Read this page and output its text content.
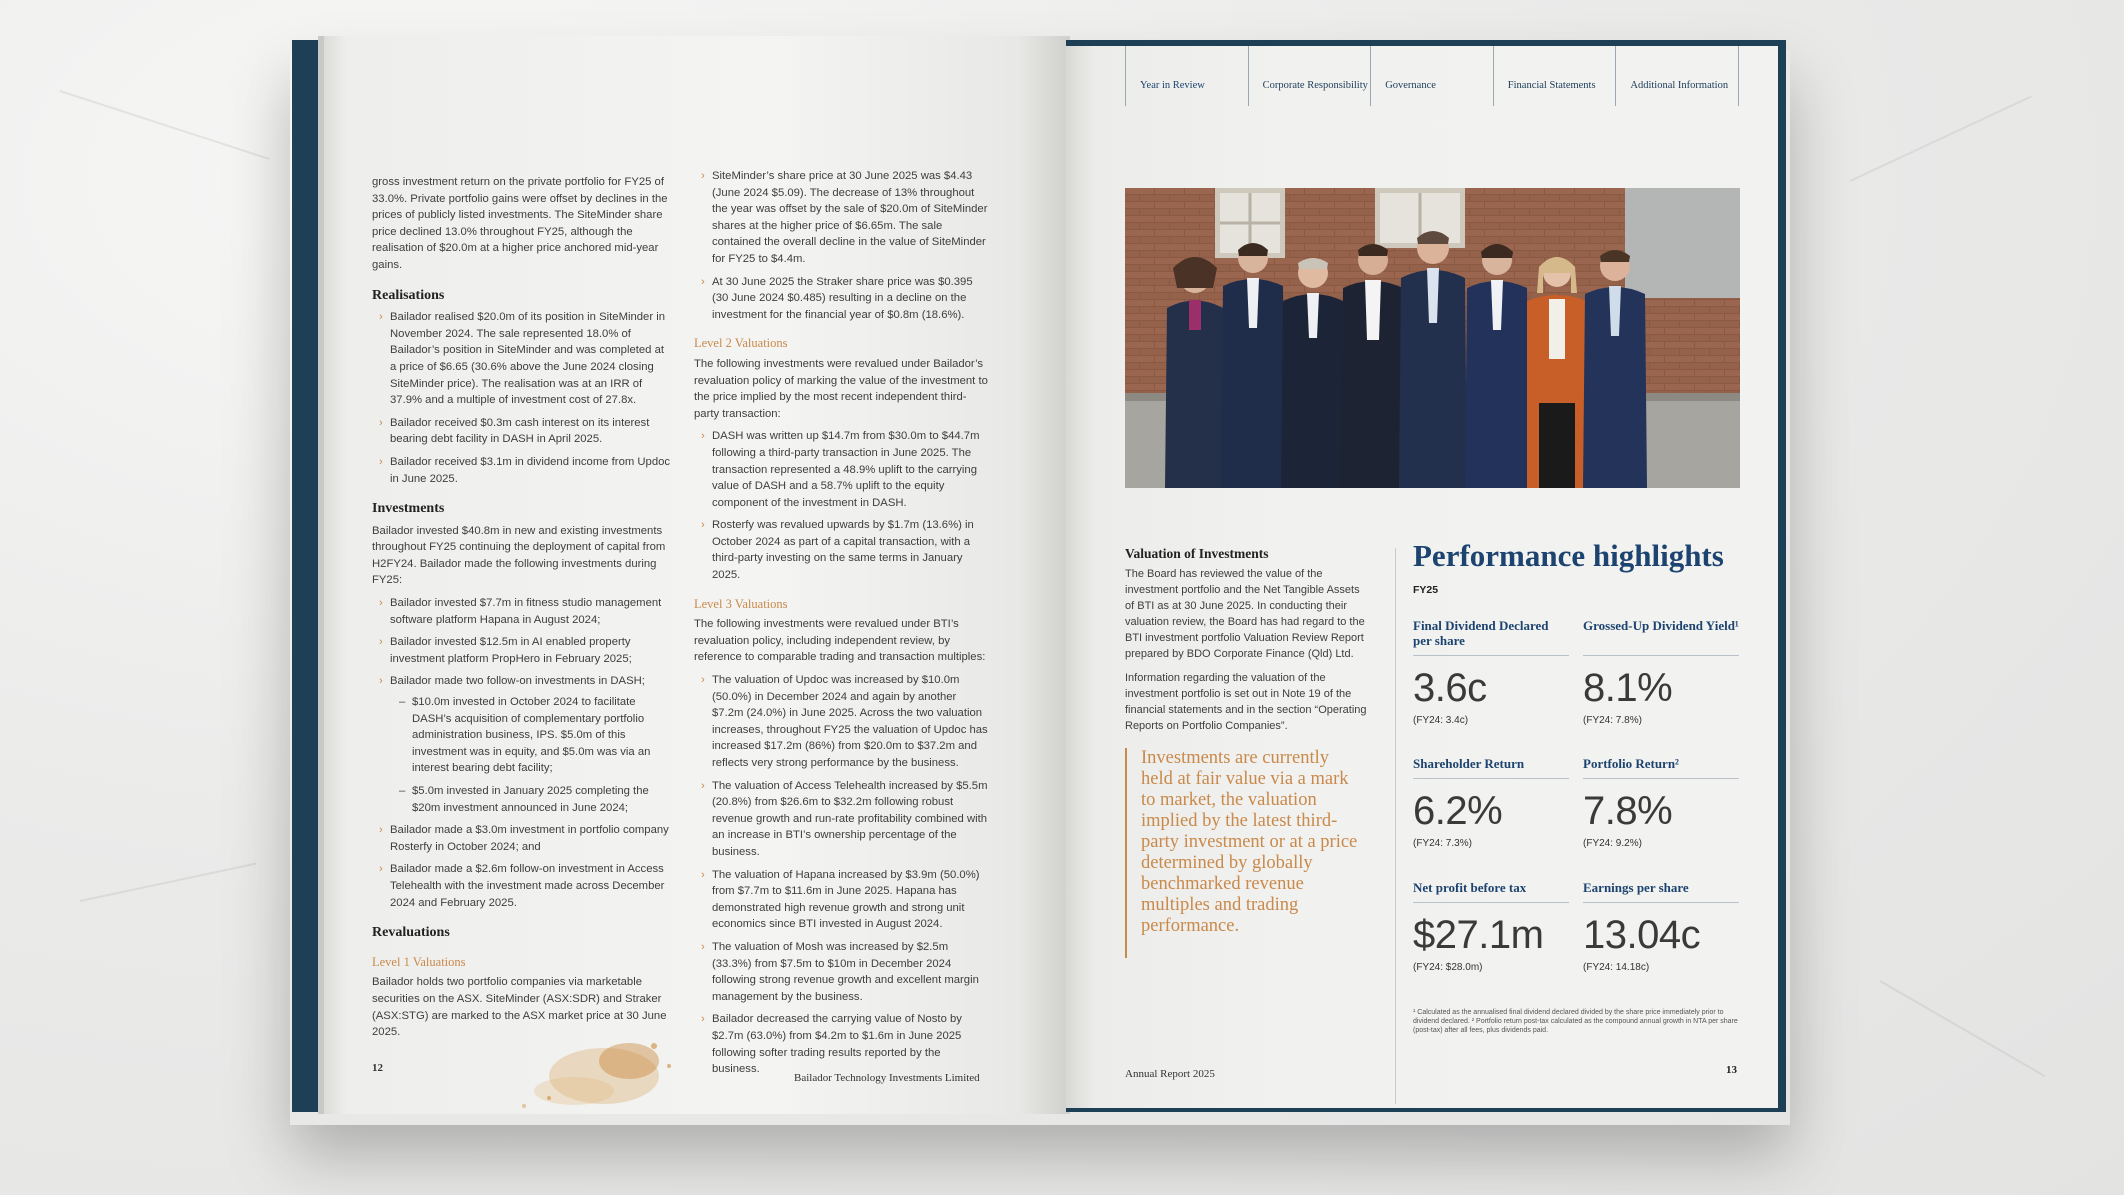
gross investment return on the private portfolio for FY25 of 33.0%. Private portfolio gains were offset by declines in the prices of publicly listed investments. The SiteMinder share price declined 13.0% throughout FY25, although the realisation of $20.0m at a higher price anchored mid-year gains.

Realisations
› Bailador realised $20.0m of its position in SiteMinder in November 2024. The sale represented 18.0% of Bailador’s position in SiteMinder and was completed at a price of $6.65 (30.6% above the June 2024 closing SiteMinder price). The realisation was at an IRR of 37.9% and a multiple of investment cost of 27.8x.
› Bailador received $0.3m cash interest on its interest bearing debt facility in DASH in April 2025.
› Bailador received $3.1m in dividend income from Updoc in June 2025.
Investments

Bailador invested $40.8m in new and existing investments throughout FY25 continuing the deployment of capital from H2FY24. Bailador made the following investments during FY25:

› Bailador invested $7.7m in fitness studio management software platform Hapana in August 2024;
› Bailador invested $12.5m in AI enabled property investment platform PropHero in February 2025;
› Bailador made two follow-on investments in DASH;
– $10.0m invested in October 2024 to facilitate DASH’s acquisition of complementary portfolio administration business, IPS. $5.0m of this investment was in equity, and $5.0m was via an interest bearing debt facility;
– $5.0m invested in January 2025 completing the $20m investment announced in June 2024;
› Bailador made a $3.0m investment in portfolio company Rosterfy in October 2024; and
› Bailador made a $2.6m follow-on investment in Access Telehealth with the investment made across December 2024 and February 2025.
Revaluations
Level 1 Valuations

Bailador holds two portfolio companies via marketable securities on the ASX. SiteMinder (ASX:SDR) and Straker (ASX:STG) are marked to the ASX market price at 30 June 2025.

› SiteMinder’s share price at 30 June 2025 was $4.43 (June 2024 $5.09). The decrease of 13% throughout the year was offset by the sale of $20.0m of SiteMinder shares at the higher price of $6.65m. The sale contained the overall decline in the value of SiteMinder for FY25 to $4.4m.
› At 30 June 2025 the Straker share price was $0.395 (30 June 2024 $0.485) resulting in a decline on the investment for the financial year of $0.8m (18.6%).
Level 2 Valuations

The following investments were revalued under Bailador’s revaluation policy of marking the value of the investment to the price implied by the most recent independent third-party transaction:

› DASH was written up $14.7m from $30.0m to $44.7m following a third-party transaction in June 2025. The transaction represented a 48.9% uplift to the carrying value of DASH and a 58.7% uplift to the equity component of the investment in DASH.
› Rosterfy was revalued upwards by $1.7m (13.6%) in October 2024 as part of a capital transaction, with a third-party investing on the same terms in January 2025.
Level 3 Valuations

The following investments were revalued under BTI’s revaluation policy, including independent review, by reference to comparable trading and transaction multiples:

› The valuation of Updoc was increased by $10.0m (50.0%) in December 2024 and again by another $7.2m (24.0%) in June 2025. Across the two valuation increases, throughout FY25 the valuation of Updoc has increased $17.2m (86%) from $20.0m to $37.2m and reflects very strong performance by the business.
› The valuation of Access Telehealth increased by $5.5m (20.8%) from $26.6m to $32.2m following robust revenue growth and run-rate profitability combined with an increase in BTI’s ownership percentage of the business.
› The valuation of Hapana increased by $3.9m (50.0%) from $7.7m to $11.6m in June 2025. Hapana has demonstrated high revenue growth and strong unit economics since BTI invested in August 2024.
› The valuation of Mosh was increased by $2.5m (33.3%) from $7.5m to $10m in December 2024 following strong revenue growth and excellent margin management by the business.
› Bailador decreased the carrying value of Nosto by $2.7m (63.0%) from $4.2m to $1.6m in June 2025 following softer trading results reported by the business.
12
Bailador Technology Investments Limited
Year in Review	Corporate Responsibility	Governance	Financial Statements	Additional Information
Valuation of Investments

The Board has reviewed the value of the investment portfolio and the Net Tangible Assets of BTI as at 30 June 2025. In conducting their valuation review, the Board has had regard to the BTI investment portfolio Valuation Review Report prepared by BDO Corporate Finance (Qld) Ltd.

Information regarding the valuation of the investment portfolio is set out in Note 19 of the financial statements and in the section “Operating Reports on Portfolio Companies”.

Investments are currently held at fair value via a mark to market, the valuation implied by the latest third-party investment or at a price determined by globally benchmarked revenue multiples and trading performance.
Performance highlights
FY25
Final Dividend Declared per share
3.6c
(FY24: 3.4c)
Grossed-Up Dividend Yield¹
8.1%
(FY24: 7.8%)
Shareholder Return
6.2%
(FY24: 7.3%)
Portfolio Return²
7.8%
(FY24: 9.2%)
Net profit before tax
$27.1m
(FY24: $28.0m)
Earnings per share
13.04c
(FY24: 14.18c)
¹ Calculated as the annualised final dividend declared divided by the share price immediately prior to dividend declared. ² Portfolio return post-tax calculated as the compound annual growth in NTA per share (post-tax) after all fees, plus dividends paid.
Annual Report 2025	13
